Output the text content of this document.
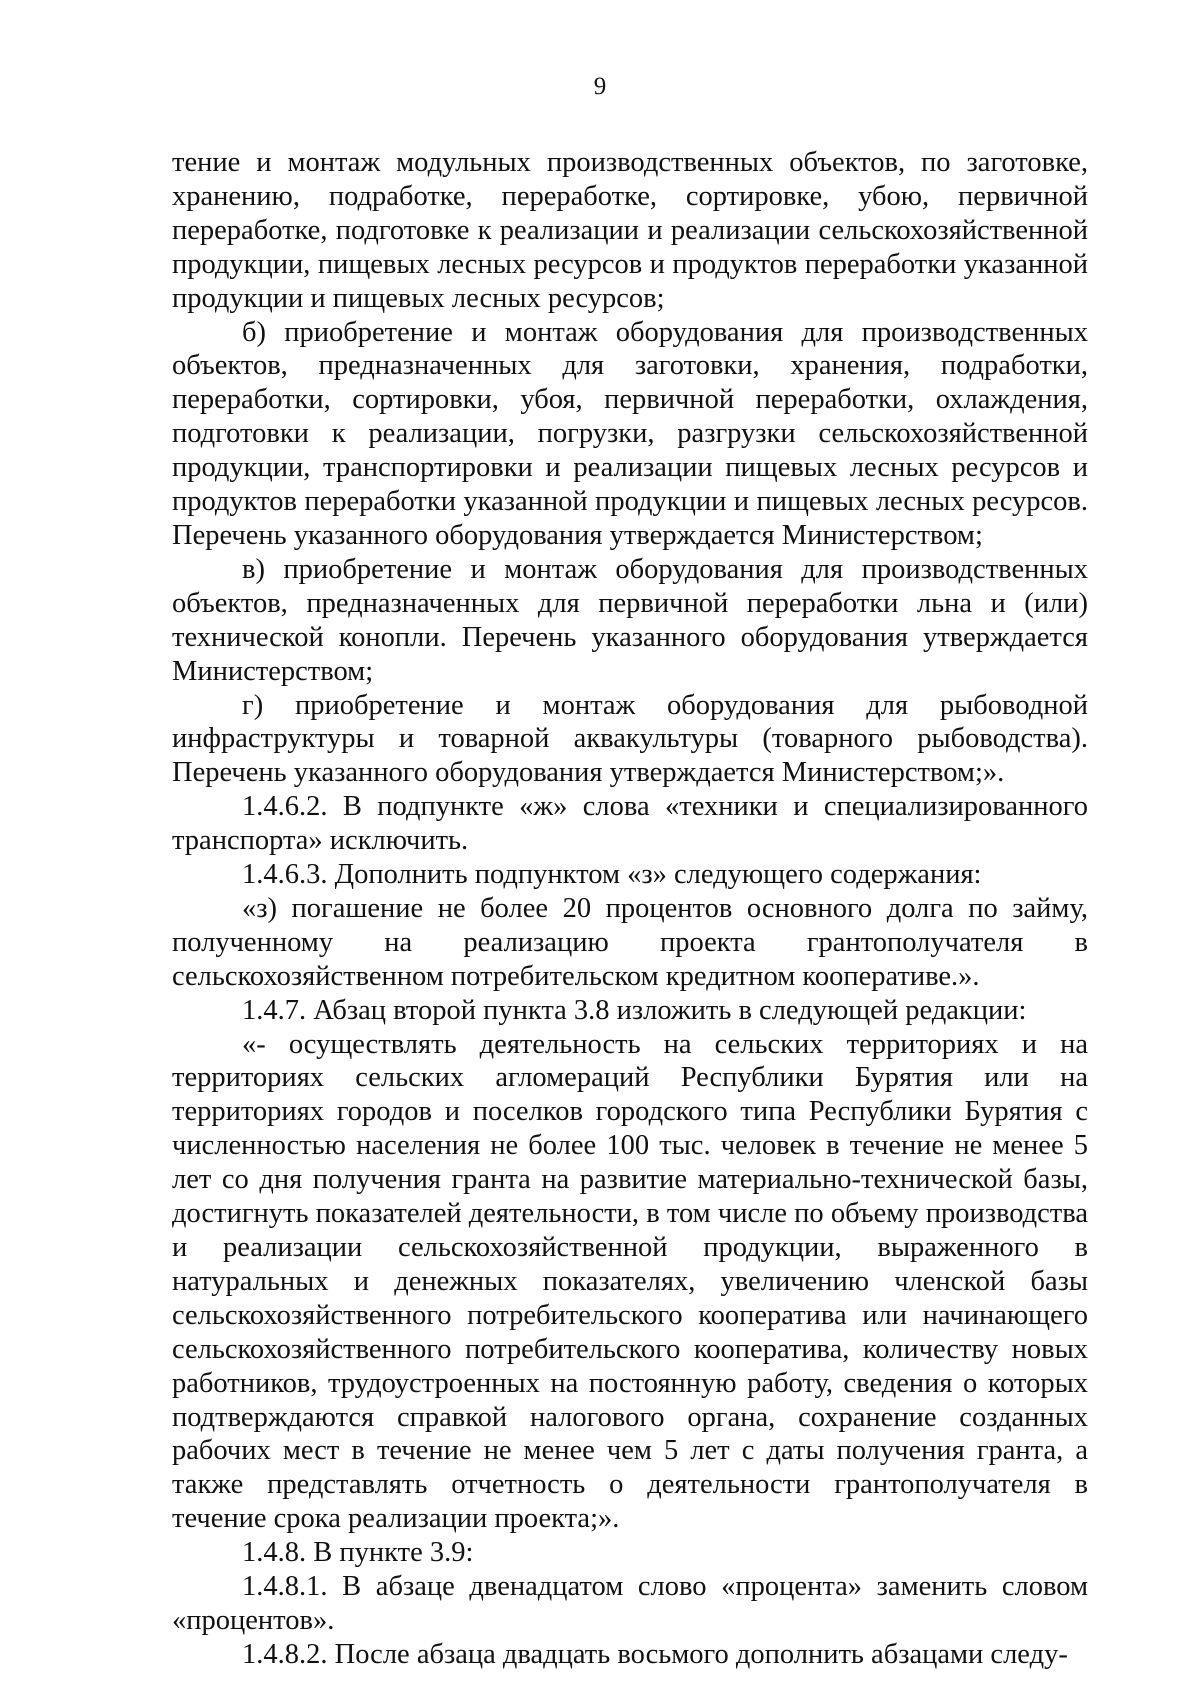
9

тение и монтаж модульных производственных объектов, по заготовке, хранению, подработке, переработке, сортировке, убою, первичной переработке, подготовке к реализации и реализации сельскохозяйственной продукции, пищевых лесных ресурсов и продуктов переработки указанной продукции и пищевых лесных ресурсов;

б) приобретение и монтаж оборудования для производственных объектов, предназначенных для заготовки, хранения, подработки, переработки, сортировки, убоя, первичной переработки, охлаждения, подготовки к реализации, погрузки, разгрузки сельскохозяйственной продукции, транспортировки и реализации пищевых лесных ресурсов и продуктов переработки указанной продукции и пищевых лесных ресурсов. Перечень указанного оборудования утверждается Министерством;

в) приобретение и монтаж оборудования для производственных объектов, предназначенных для первичной переработки льна и (или) технической конопли. Перечень указанного оборудования утверждается Министерством;

г) приобретение и монтаж оборудования для рыбоводной инфраструктуры и товарной аквакультуры (товарного рыбоводства). Перечень указанного оборудования утверждается Министерством;».

1.4.6.2. В подпункте «ж» слова «техники и специализированного транспорта» исключить.

1.4.6.3. Дополнить подпунктом «з» следующего содержания:

«з) погашение не более 20 процентов основного долга по займу, полученному на реализацию проекта грантополучателя в сельскохозяйственном потребительском кредитном кооперативе.».

1.4.7. Абзац второй пункта 3.8 изложить в следующей редакции:

«- осуществлять деятельность на сельских территориях и на территориях сельских агломераций Республики Бурятия или на территориях городов и поселков городского типа Республики Бурятия с численностью населения не более 100 тыс. человек в течение не менее 5 лет со дня получения гранта на развитие материально-технической базы, достигнуть показателей деятельности, в том числе по объему производства и реализации сельскохозяйственной продукции, выраженного в натуральных и денежных показателях, увеличению членской базы сельскохозяйственного потребительского кооператива или начинающего сельскохозяйственного потребительского кооператива, количеству новых работников, трудоустроенных на постоянную работу, сведения о которых подтверждаются справкой налогового органа, сохранение созданных рабочих мест в течение не менее чем 5 лет с даты получения гранта, а также представлять отчетность о деятельности грантополучателя в течение срока реализации проекта;».

1.4.8. В пункте 3.9:

1.4.8.1. В абзаце двенадцатом слово «процента» заменить словом «процентов».

1.4.8.2. После абзаца двадцать восьмого дополнить абзацами следу-
